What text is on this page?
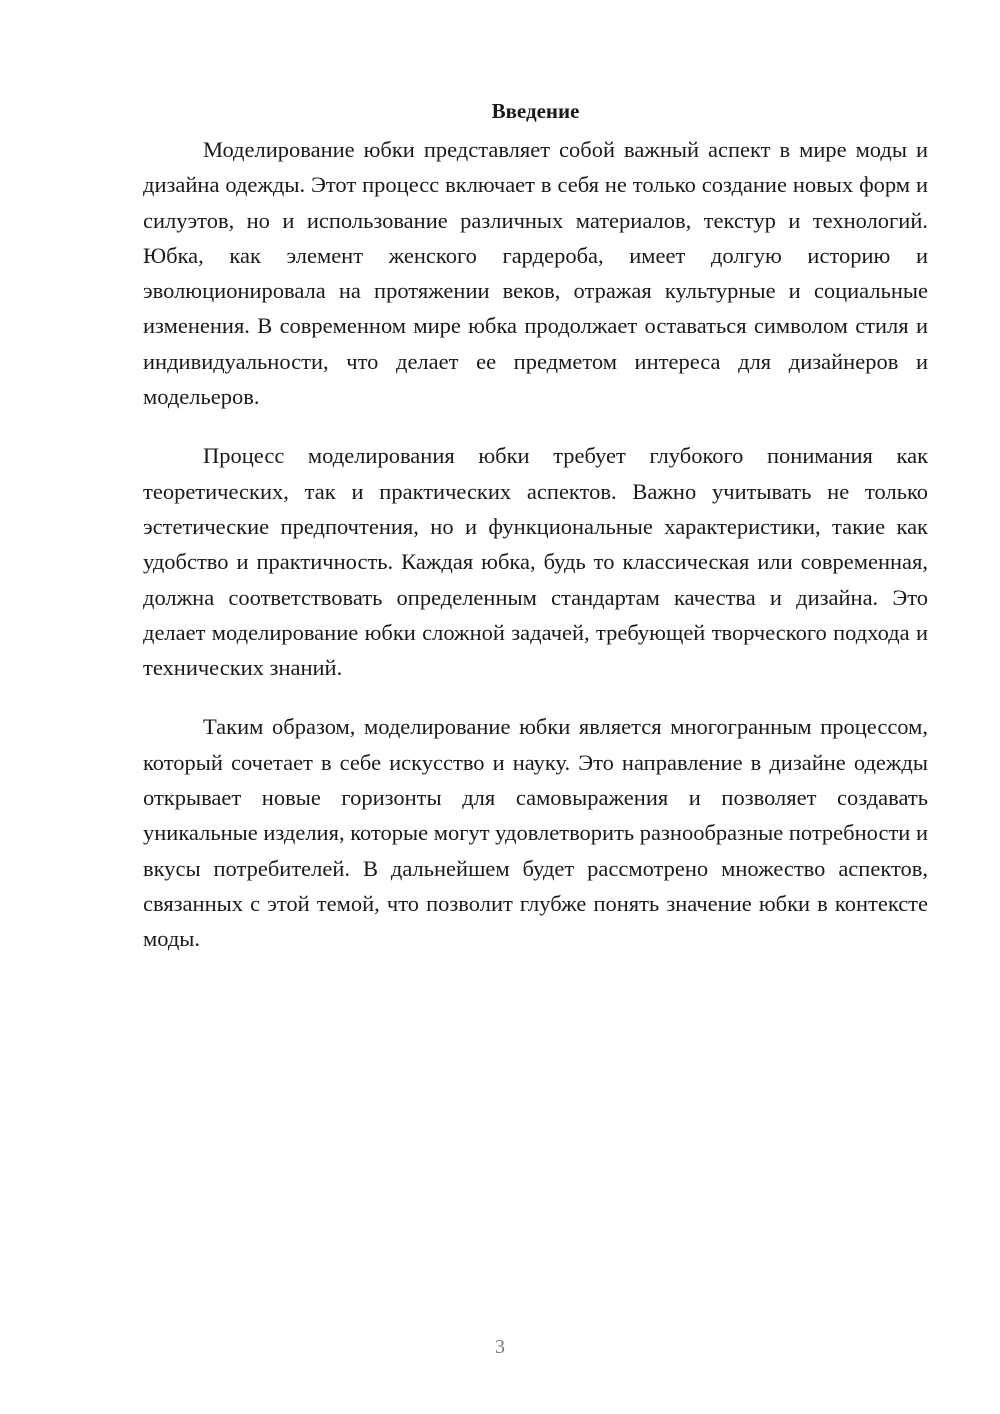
Введение

Моделирование юбки представляет собой важный аспект в мире моды и дизайна одежды. Этот процесс включает в себя не только создание новых форм и силуэтов, но и использование различных материалов, текстур и технологий. Юбка, как элемент женского гардероба, имеет долгую историю и эволюционировала на протяжении веков, отражая культурные и социальные изменения. В современном мире юбка продолжает оставаться символом стиля и индивидуальности, что делает ее предметом интереса для дизайнеров и модельеров.

Процесс моделирования юбки требует глубокого понимания как теоретических, так и практических аспектов. Важно учитывать не только эстетические предпочтения, но и функциональные характеристики, такие как удобство и практичность. Каждая юбка, будь то классическая или современная, должна соответствовать определенным стандартам качества и дизайна. Это делает моделирование юбки сложной задачей, требующей творческого подхода и технических знаний.

Таким образом, моделирование юбки является многогранным процессом, который сочетает в себе искусство и науку. Это направление в дизайне одежды открывает новые горизонты для самовыражения и позволяет создавать уникальные изделия, которые могут удовлетворить разнообразные потребности и вкусы потребителей. В дальнейшем будет рассмотрено множество аспектов, связанных с этой темой, что позволит глубже понять значение юбки в контексте моды.

3
